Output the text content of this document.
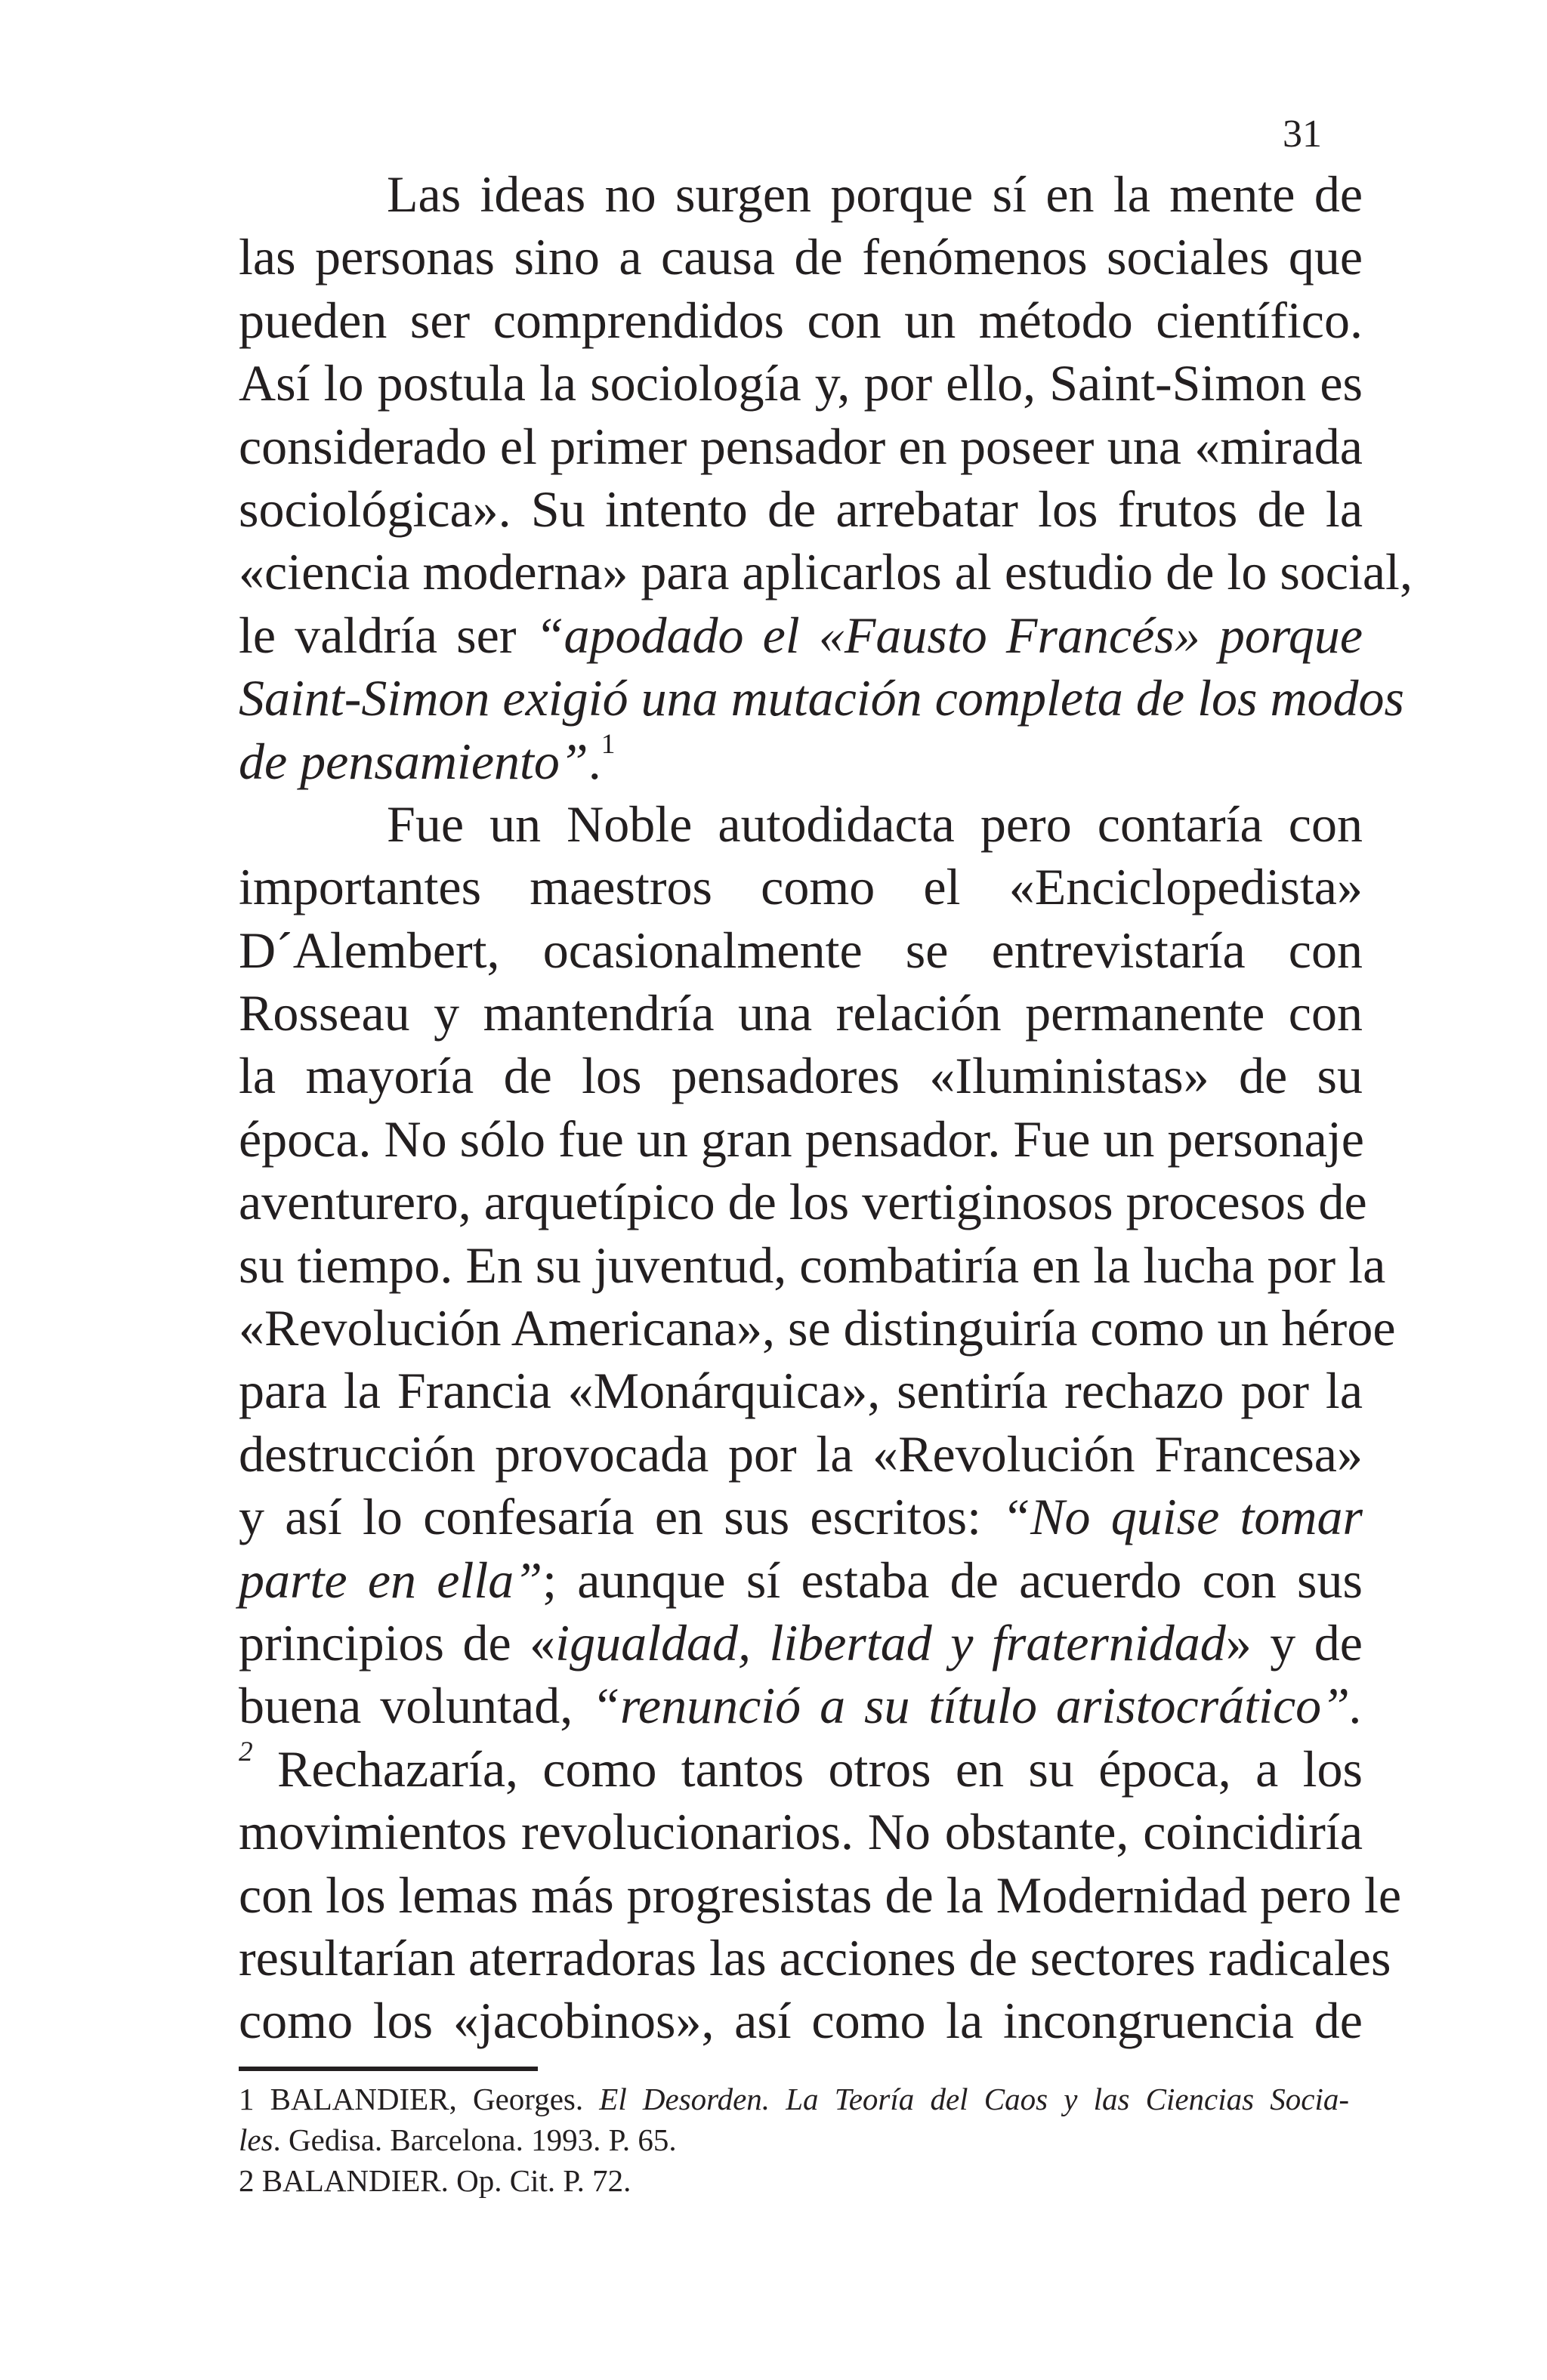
31
Las ideas no surgen porque sí en la mente de
las personas sino a causa de fenómenos sociales que
pueden ser comprendidos con un método científico.
Así lo postula la sociología y, por ello, Saint-Simon es
considerado el primer pensador en poseer una «mirada
sociológica». Su intento de arrebatar los frutos de la
«ciencia moderna» para aplicarlos al estudio de lo social,
le valdría ser “apodado el «Fausto Francés» porque
Saint-Simon exigió una mutación completa de los modos
de pensamiento”.$^1$
Fue un Noble autodidacta pero contaría con
importantes maestros como el «Enciclopedista»
D´Alembert, ocasionalmente se entrevistaría con
Rosseau y mantendría una relación permanente con
la mayoría de los pensadores «Iluministas» de su
época. No sólo fue un gran pensador. Fue un personaje
aventurero, arquetípico de los vertiginosos procesos de
su tiempo. En su juventud, combatiría en la lucha por la
«Revolución Americana», se distinguiría como un héroe
para la Francia «Monárquica», sentiría rechazo por la
destrucción provocada por la «Revolución Francesa»
y así lo confesaría en sus escritos: “No quise tomar
parte en ella”; aunque sí estaba de acuerdo con sus
principios de «igualdad, libertad y fraternidad» y de
buena voluntad, “renunció a su título aristocrático”.
$^2$ Rechazaría, como tantos otros en su época, a los
movimientos revolucionarios. No obstante, coincidiría
con los lemas más progresistas de la Modernidad pero le
resultarían aterradoras las acciones de sectores radicales
como los «jacobinos», así como la incongruencia de
1 BALANDIER, Georges. El Desorden. La Teoría del Caos y las Ciencias Socia-
les. Gedisa. Barcelona. 1993. P. 65.
2 BALANDIER. Op. Cit. P. 72.
